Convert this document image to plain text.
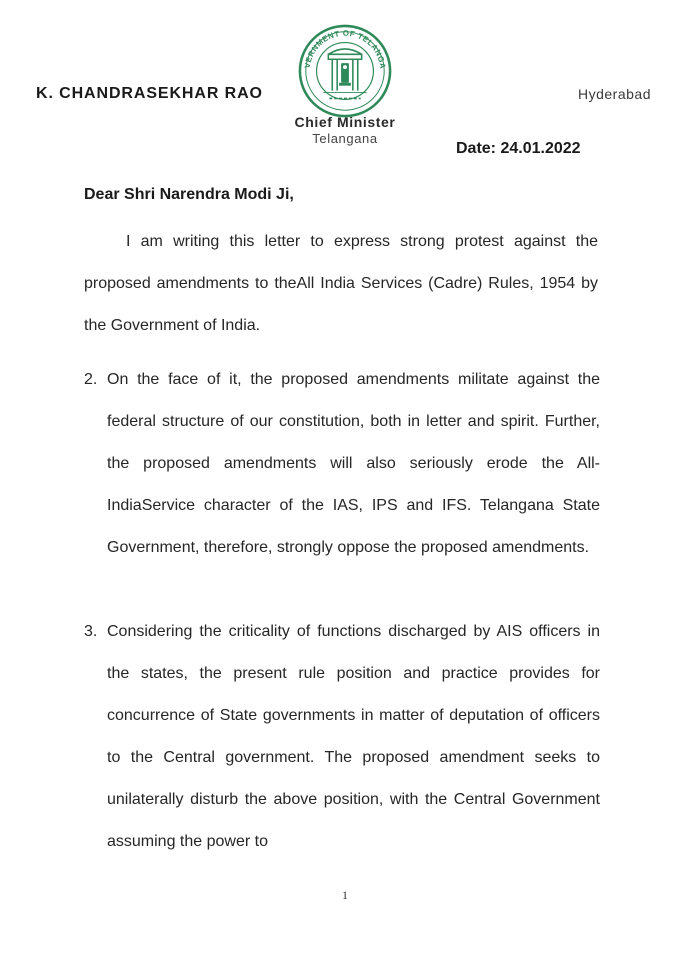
K. CHANDRASEKHAR RAO	Hyderabad
VERNMENT OF TELANGA
Chief Minister
Telangana
Date: 24.01.2022
Dear Shri Narendra Modi Ji,
I am writing this letter to express strong protest against the proposed amendments to theAll India Services (Cadre) Rules, 1954 by the Government of India.
2. On the face of it, the proposed amendments militate against the federal structure of our constitution, both in letter and spirit. Further, the proposed amendments will also seriously erode the All-IndiaService character of the IAS, IPS and IFS. Telangana State Government, therefore, strongly oppose the proposed amendments.
3. Considering the criticality of functions discharged by AIS officers in the states, the present rule position and practice provides for concurrence of State governments in matter of deputation of officers to the Central government. The proposed amendment seeks to unilaterally disturb the above position, with the Central Government assuming the power to
1
